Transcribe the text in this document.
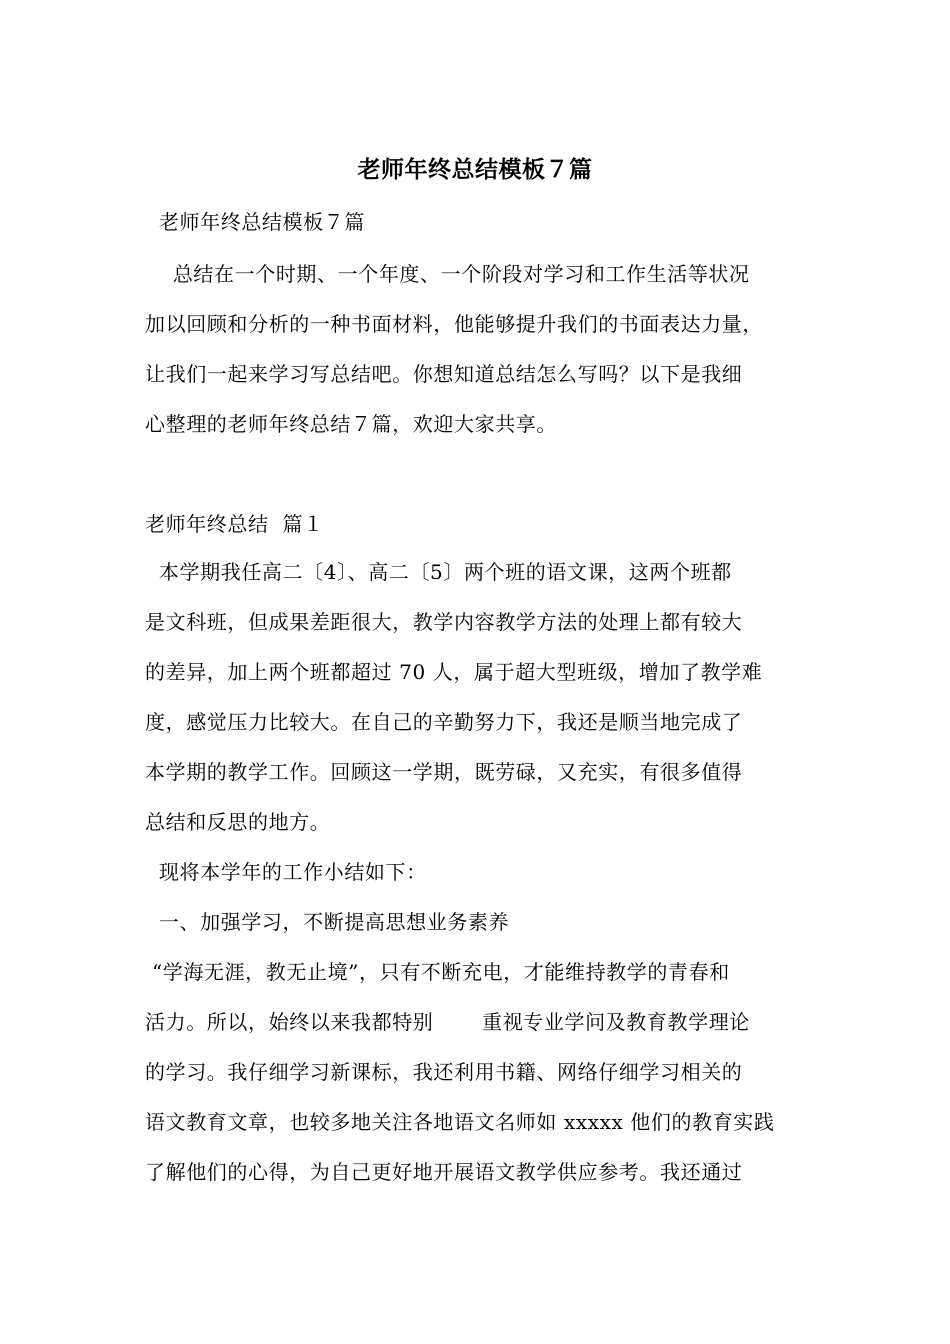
老师年终总结模板７篇
老师年终总结模板７篇
总结在一个时期、一个年度、一个阶段对学习和工作生活等状况
加以回顾和分析的一种书面材料，他能够提升我们的书面表达力量，
让我们一起来学习写总结吧。你想知道总结怎么写吗？以下是我细
心整理的老师年终总结７篇，欢迎大家共享。
老师年终总结  篇１
本学期我任高二〔4〕、高二〔5〕两个班的语文课，这两个班都
是文科班，但成果差距很大，教学内容教学方法的处理上都有较大
的差异，加上两个班都超过 70 人，属于超大型班级，增加了教学难
度，感觉压力比较大。在自己的辛勤努力下，我还是顺当地完成了
本学期的教学工作。回顾这一学期，既劳碌，又充实，有很多值得
总结和反思的地方。
现将本学年的工作小结如下：
一、加强学习，不断提高思想业务素养
“学海无涯，教无止境”，只有不断充电，才能维持教学的青春和
活力。所以，始终以来我都特别       重视专业学问及教育教学理论
的学习。我仔细学习新课标，我还利用书籍、网络仔细学习相关的
语文教育文章，也较多地关注各地语文名师如 xxxxx 他们的教育实践
了解他们的心得，为自己更好地开展语文教学供应参考。我还通过
